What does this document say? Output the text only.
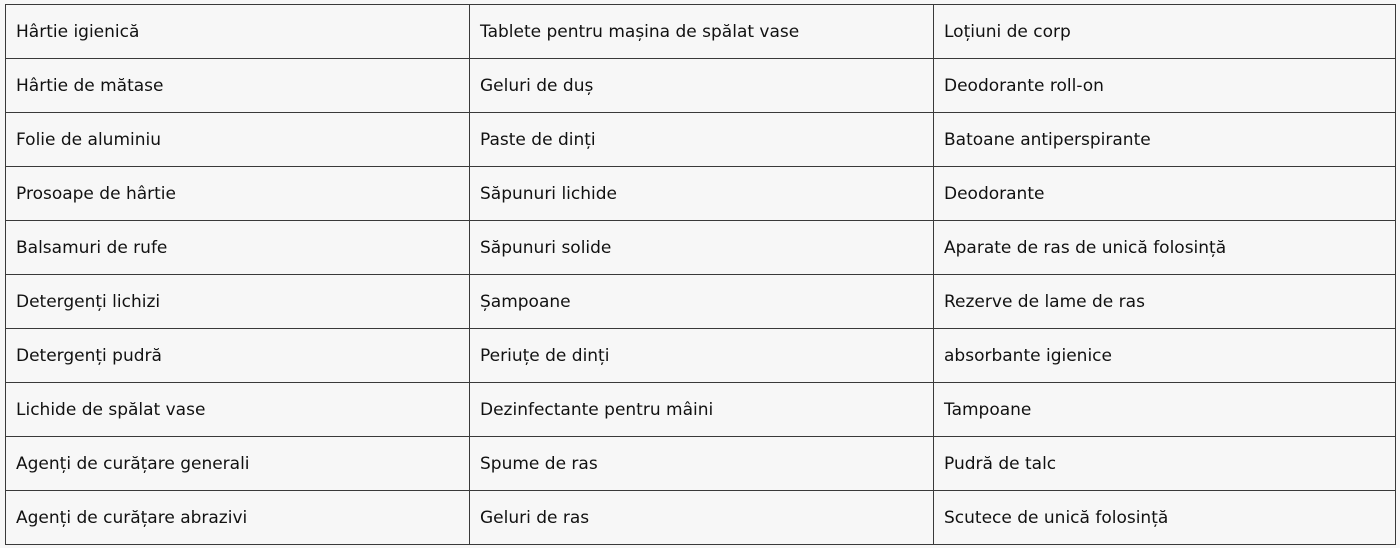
Hârtie igienică	Tablete pentru mașina de spălat vase	Loțiuni de corp
Hârtie de mătase	Geluri de duș	Deodorante roll-on
Folie de aluminiu	Paste de dinți	Batoane antiperspirante
Prosoape de hârtie	Săpunuri lichide	Deodorante
Balsamuri de rufe	Săpunuri solide	Aparate de ras de unică folosință
Detergenți lichizi	Șampoane	Rezerve de lame de ras
Detergenți pudră	Periuțe de dinți	absorbante igienice
Lichide de spălat vase	Dezinfectante pentru mâini	Tampoane
Agenți de curățare generali	Spume de ras	Pudră de talc
Agenți de curățare abrazivi	Geluri de ras	Scutece de unică folosință
